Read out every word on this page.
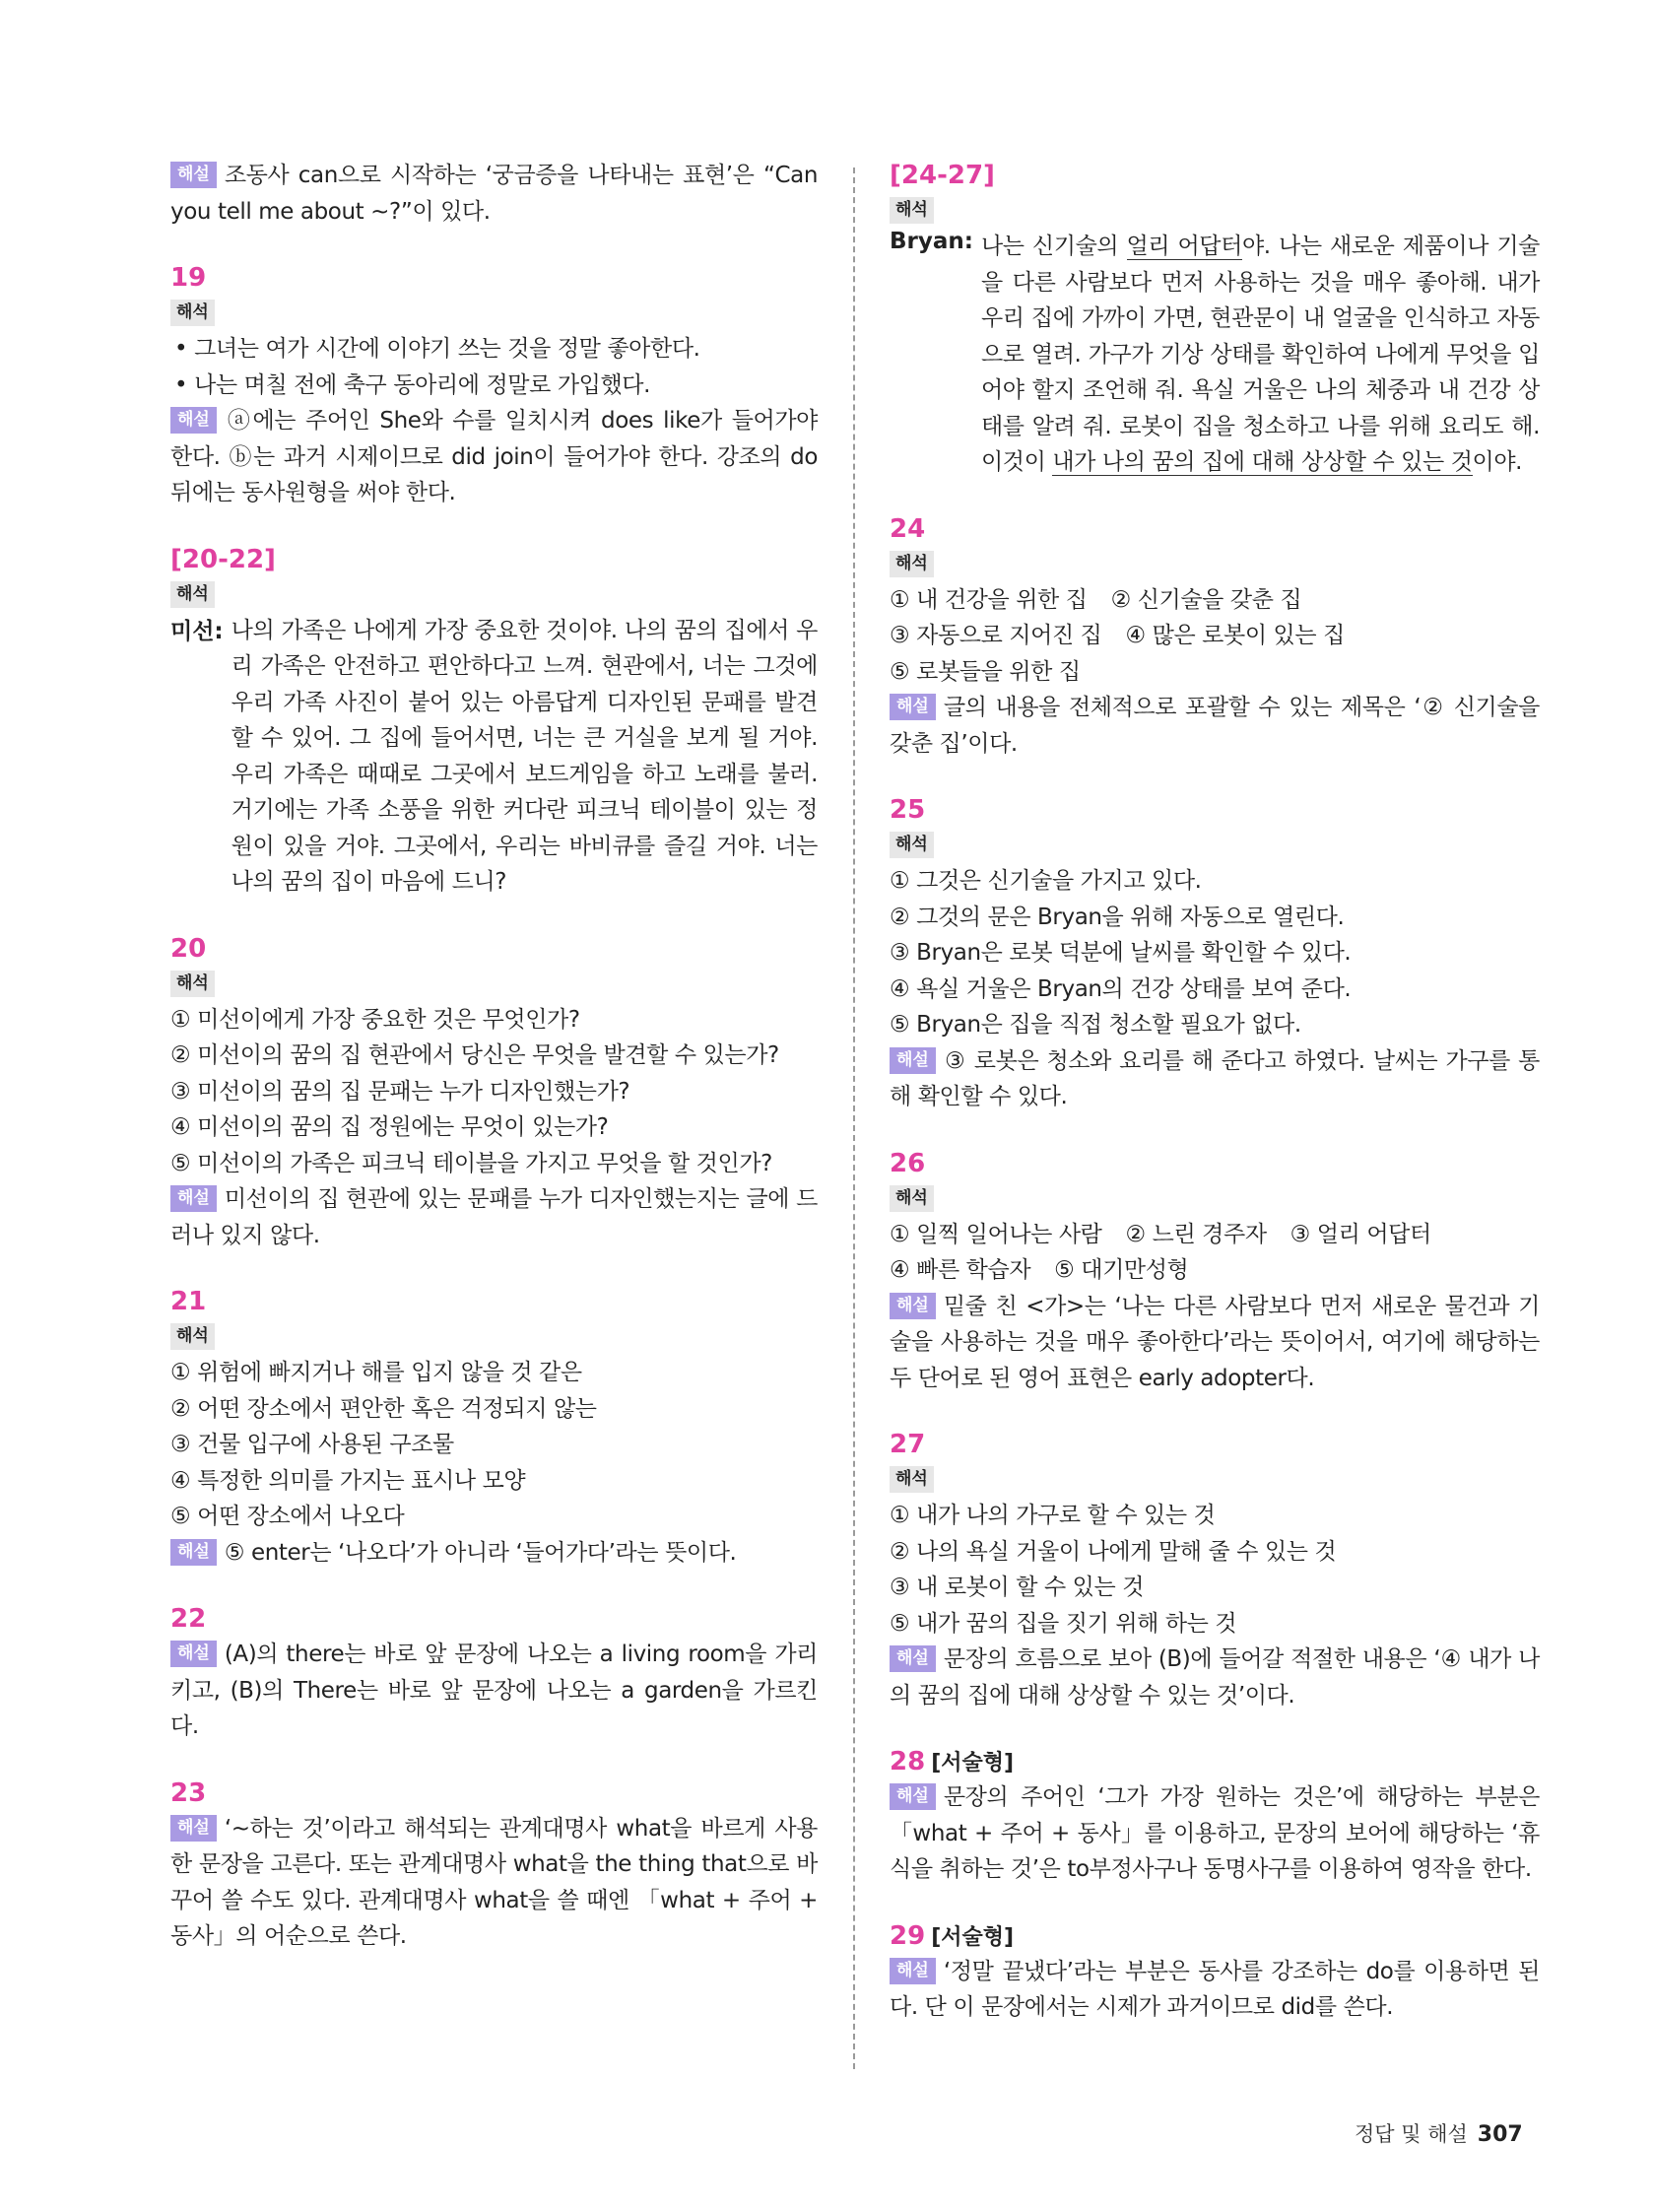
해설 조동사 can으로 시작하는 ‘궁금증을 나타내는 표현’은 “Can you tell me about ~?”이 있다.

19
해석

• 그녀는 여가 시간에 이야기 쓰는 것을 정말 좋아한다.

• 나는 며칠 전에 축구 동아리에 정말로 가입했다.

해설 ⓐ에는 주어인 She와 수를 일치시켜 does like가 들어가야 한다. ⓑ는 과거 시제이므로 did join이 들어가야 한다. 강조의 do 뒤에는 동사원형을 써야 한다.

[20-22]
해석
미선: 나의 가족은 나에게 가장 중요한 것이야. 나의 꿈의 집에서 우리 가족은 안전하고 편안하다고 느껴. 현관에서, 너는 그것에 우리 가족 사진이 붙어 있는 아름답게 디자인된 문패를 발견할 수 있어. 그 집에 들어서면, 너는 큰 거실을 보게 될 거야. 우리 가족은 때때로 그곳에서 보드게임을 하고 노래를 불러. 거기에는 가족 소풍을 위한 커다란 피크닉 테이블이 있는 정원이 있을 거야. 그곳에서, 우리는 바비큐를 즐길 거야. 너는 나의 꿈의 집이 마음에 드니?

20
해석

① 미선이에게 가장 중요한 것은 무엇인가?

② 미선이의 꿈의 집 현관에서 당신은 무엇을 발견할 수 있는가?

③ 미선이의 꿈의 집 문패는 누가 디자인했는가?

④ 미선이의 꿈의 집 정원에는 무엇이 있는가?

⑤ 미선이의 가족은 피크닉 테이블을 가지고 무엇을 할 것인가?

해설 미선이의 집 현관에 있는 문패를 누가 디자인했는지는 글에 드러나 있지 않다.

21
해석

① 위험에 빠지거나 해를 입지 않을 것 같은

② 어떤 장소에서 편안한 혹은 걱정되지 않는

③ 건물 입구에 사용된 구조물

④ 특정한 의미를 가지는 표시나 모양

⑤ 어떤 장소에서 나오다

해설 ⑤ enter는 ‘나오다’가 아니라 ‘들어가다’라는 뜻이다.

22

해설 (A)의 there는 바로 앞 문장에 나오는 a living room을 가리키고, (B)의 There는 바로 앞 문장에 나오는 a garden을 가르킨다.

23

해설 ‘~하는 것’이라고 해석되는 관계대명사 what을 바르게 사용한 문장을 고른다. 또는 관계대명사 what을 the thing that으로 바꾸어 쓸 수도 있다. 관계대명사 what을 쓸 때엔 「what + 주어 + 동사」의 어순으로 쓴다.

[24-27]
해석
Bryan: 나는 신기술의 얼리 어답터야. 나는 새로운 제품이나 기술을 다른 사람보다 먼저 사용하는 것을 매우 좋아해. 내가 우리 집에 가까이 가면, 현관문이 내 얼굴을 인식하고 자동으로 열려. 가구가 기상 상태를 확인하여 나에게 무엇을 입어야 할지 조언해 줘. 욕실 거울은 나의 체중과 내 건강 상태를 알려 줘. 로봇이 집을 청소하고 나를 위해 요리도 해. 이것이 내가 나의 꿈의 집에 대해 상상할 수 있는 것이야.

24
해석

① 내 건강을 위한 집 ② 신기술을 갖춘 집

③ 자동으로 지어진 집 ④ 많은 로봇이 있는 집

⑤ 로봇들을 위한 집

해설 글의 내용을 전체적으로 포괄할 수 있는 제목은 ‘② 신기술을 갖춘 집’이다.

25
해석

① 그것은 신기술을 가지고 있다.

② 그것의 문은 Bryan을 위해 자동으로 열린다.

③ Bryan은 로봇 덕분에 날씨를 확인할 수 있다.

④ 욕실 거울은 Bryan의 건강 상태를 보여 준다.

⑤ Bryan은 집을 직접 청소할 필요가 없다.

해설 ③ 로봇은 청소와 요리를 해 준다고 하였다. 날씨는 가구를 통해 확인할 수 있다.

26
해석

① 일찍 일어나는 사람 ② 느린 경주자 ③ 얼리 어답터

④ 빠른 학습자 ⑤ 대기만성형

해설 밑줄 친 <가>는 ‘나는 다른 사람보다 먼저 새로운 물건과 기술을 사용하는 것을 매우 좋아한다’라는 뜻이어서, 여기에 해당하는 두 단어로 된 영어 표현은 early adopter다.

27
해석

① 내가 나의 가구로 할 수 있는 것

② 나의 욕실 거울이 나에게 말해 줄 수 있는 것

③ 내 로봇이 할 수 있는 것

⑤ 내가 꿈의 집을 짓기 위해 하는 것

해설 문장의 흐름으로 보아 (B)에 들어갈 적절한 내용은 ‘④ 내가 나의 꿈의 집에 대해 상상할 수 있는 것’이다.

28 [서술형]

해설 문장의 주어인 ‘그가 가장 원하는 것은’에 해당하는 부분은 「what + 주어 + 동사」를 이용하고, 문장의 보어에 해당하는 ‘휴식을 취하는 것’은 to부정사구나 동명사구를 이용하여 영작을 한다.

29 [서술형]

해설 ‘정말 끝냈다’라는 부분은 동사를 강조하는 do를 이용하면 된다. 단 이 문장에서는 시제가 과거이므로 did를 쓴다.

정답 및 해설 307
